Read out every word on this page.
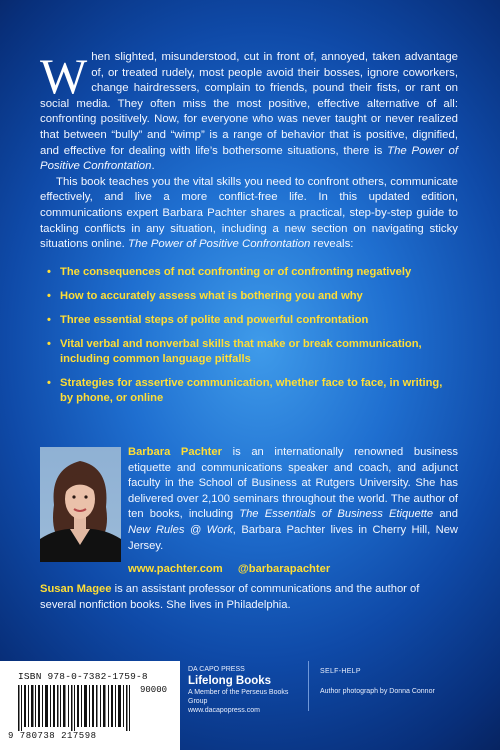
When slighted, misunderstood, cut in front of, annoyed, taken advantage of, or treated rudely, most people avoid their bosses, ignore coworkers, change hairdressers, complain to friends, pound their fists, or rant on social media. They often miss the most positive, effective alternative of all: confronting positively. Now, for everyone who was never taught or never realized that between “bully” and “wimp” is a range of behavior that is positive, dignified, and effective for dealing with life’s bothersome situations, there is The Power of Positive Confrontation.

This book teaches you the vital skills you need to confront others, communicate effectively, and live a more conflict-free life. In this updated edition, communications expert Barbara Pachter shares a practical, step-by-step guide to tackling conflicts in any situation, including a new section on navigating sticky situations online. The Power of Positive Confrontation reveals:

• The consequences of not confronting or of confronting negatively
• How to accurately assess what is bothering you and why
• Three essential steps of polite and powerful confrontation
• Vital verbal and nonverbal skills that make or break communication, including common language pitfalls
• Strategies for assertive communication, whether face to face, in writing, by phone, or online
Barbara Pachter is an internationally renowned business etiquette and communications speaker and coach, and adjunct faculty in the School of Business at Rutgers University. She has delivered over 2,100 seminars throughout the world. The author of ten books, including The Essentials of Business Etiquette and New Rules @ Work, Barbara Pachter lives in Cherry Hill, New Jersey.
www.pachter.com @barbarapachter
Susan Magee is an assistant professor of communications and the author of several nonfiction books. She lives in Philadelphia.
ISBN 978-0-7382-1759-8
90000
9 780738 217598
DA CAPO PRESS
Lifelong Books
A Member of the Perseus Books Group
www.dacapopress.com
SELF-HELP
Author photograph by Donna Connor
